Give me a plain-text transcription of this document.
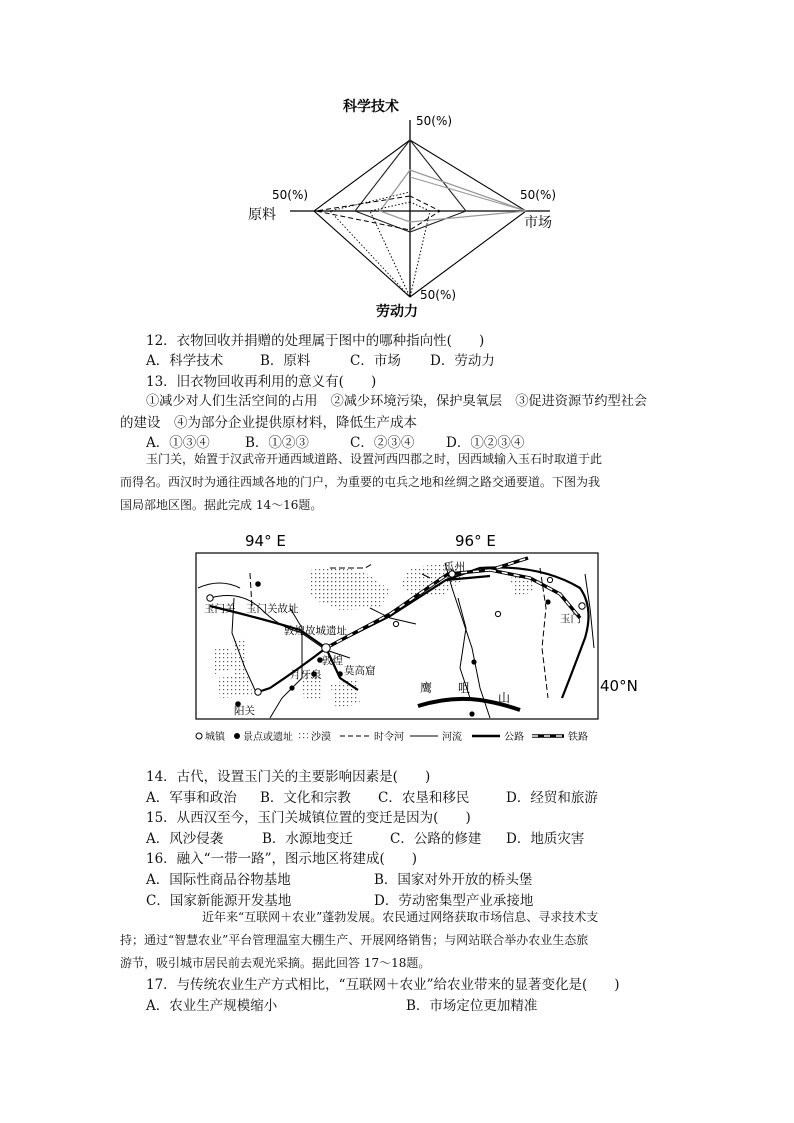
科学技术
50(%)
50(%)
原料
50(%)
市场
50(%)
劳动力
12．衣物回收并捐赠的处理属于图中的哪种指向性(　　)
A．科学技术	B．原料	C．市场 D．劳动力
13．旧衣物回收再利用的意义有(　　)
①减少对人们生活空间的占用　②减少环境污染，保护臭氧层　③促进资源节约型社会
的建设　④为部分企业提供原材料，降低生产成本
A．①③④	B．①②③	C．②③④ D．①②③④
玉门关，始置于汉武帝开通西域道路、设置河西四郡之时，因西域输入玉石时取道于此
而得名。西汉时为通往西域各地的门户，为重要的屯兵之地和丝绸之路交通要道。下图为我
国局部地区图。据此完成 14～16题。
94° E	96° E
40°N
鹰 咀
山
玉门关 玉门关故址
敦煌故城遗址
敦煌
月牙泉 莫高窟
阳关
瓜州
玉门
城镇 景点或遗址 沙漠	时令河	河流	公路	铁路
14．古代，设置玉门关的主要影响因素是(　　)
A．军事和政治 B．文化和宗教 C．农垦和移民	D．经贸和旅游
15．从西汉至今，玉门关城镇位置的变迁是因为(　　)
A．风沙侵袭	B．水源地变迁	C．公路的修建 D．地质灾害
16．融入“一带一路”，图示地区将建成(　　)
A．国际性商品谷物基地	B．国家对外开放的桥头堡
C．国家新能源开发基地	D．劳动密集型产业承接地
近年来“互联网＋农业”蓬勃发展。农民通过网络获取市场信息、寻求技术支
持；通过“智慧农业”平台管理温室大棚生产、开展网络销售；与网站联合举办农业生态旅
游节，吸引城市居民前去观光采摘。据此回答 17～18题。
17．与传统农业生产方式相比，“互联网＋农业”给农业带来的显著变化是(　　)
A．农业生产规模缩小	B．市场定位更加精准
